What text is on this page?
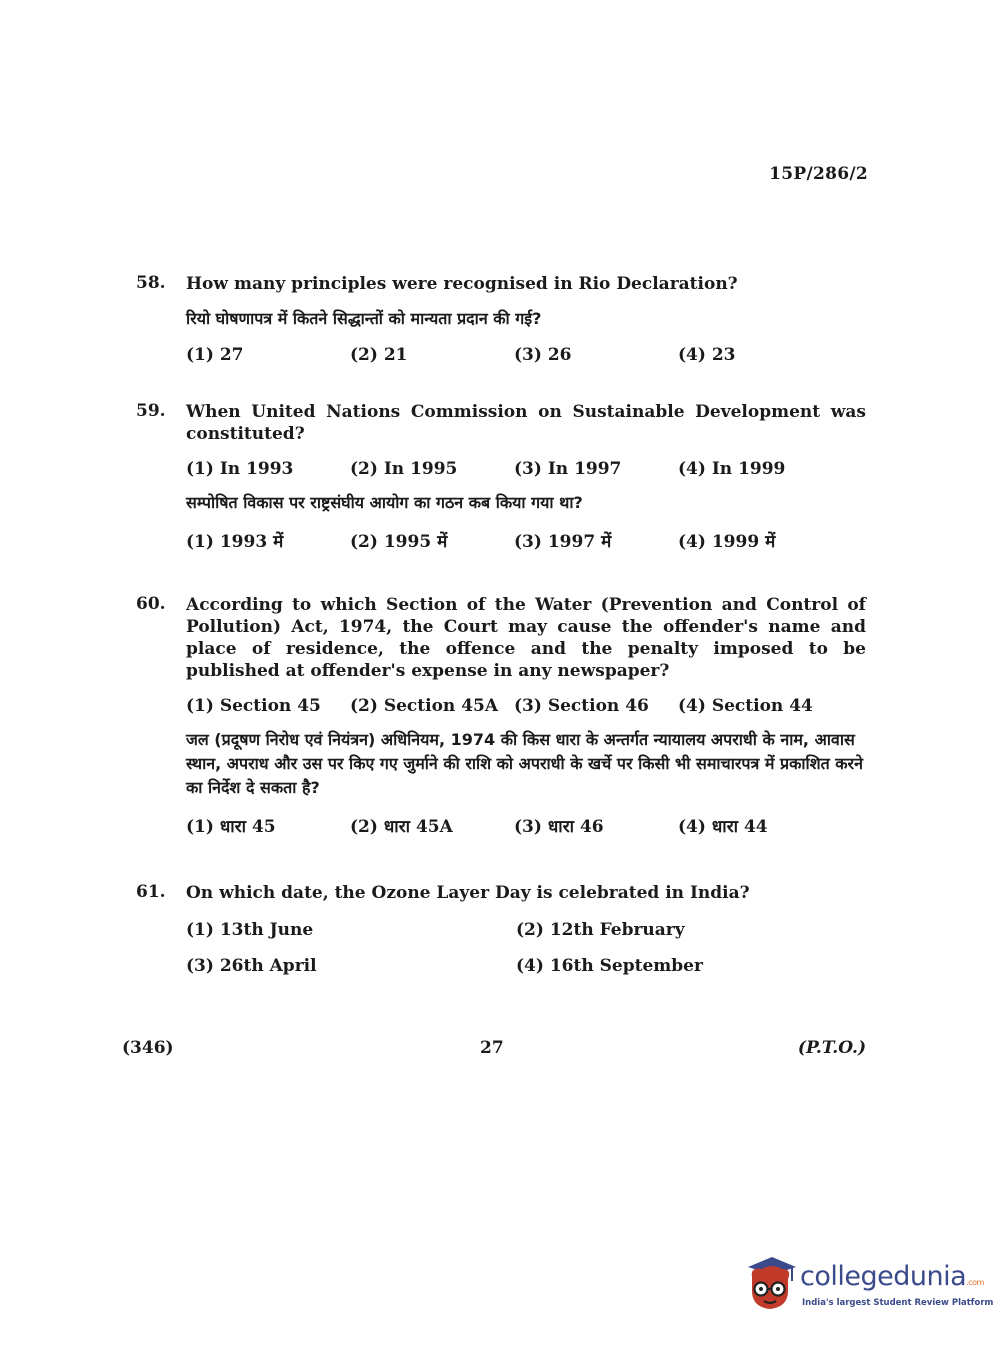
15P/286/2
58.	How many principles were recognised in Rio Declaration?
रियो घोषणापत्र में कितने सिद्धान्तों को मान्यता प्रदान की गई?
(1) 27	(2) 21	(3) 26	(4) 23
59.	When United Nations Commission on Sustainable Development was constituted?
(1) In 1993	(2) In 1995	(3) In 1997	(4) In 1999
सम्पोषित विकास पर राष्ट्रसंघीय आयोग का गठन कब किया गया था?
(1) 1993 में	(2) 1995 में	(3) 1997 में	(4) 1999 में
60.	According to which Section of the Water (Prevention and Control of Pollution) Act, 1974, the Court may cause the offender's name and place of residence, the offence and the penalty imposed to be published at offender's expense in any newspaper?
(1) Section 45	(2) Section 45A (3) Section 46	(4) Section 44
जल (प्रदूषण निरोध एवं नियंत्रन) अधिनियम, 1974 की किस धारा के अन्तर्गत न्यायालय अपराधी के नाम, आवास स्थान, अपराध और उस पर किए गए जुर्माने की राशि को अपराधी के खर्चे पर किसी भी समाचारपत्र में प्रकाशित करने का निर्देश दे सकता है?
(1) धारा 45	(2) धारा 45A	(3) धारा 46	(4) धारा 44
61.	On which date, the Ozone Layer Day is celebrated in India?
(1) 13th June	(2) 12th February
(3) 26th April	(4) 16th September
(346)	27	(P.T.O.)
collegedunia.com
India's largest Student Review Platform
